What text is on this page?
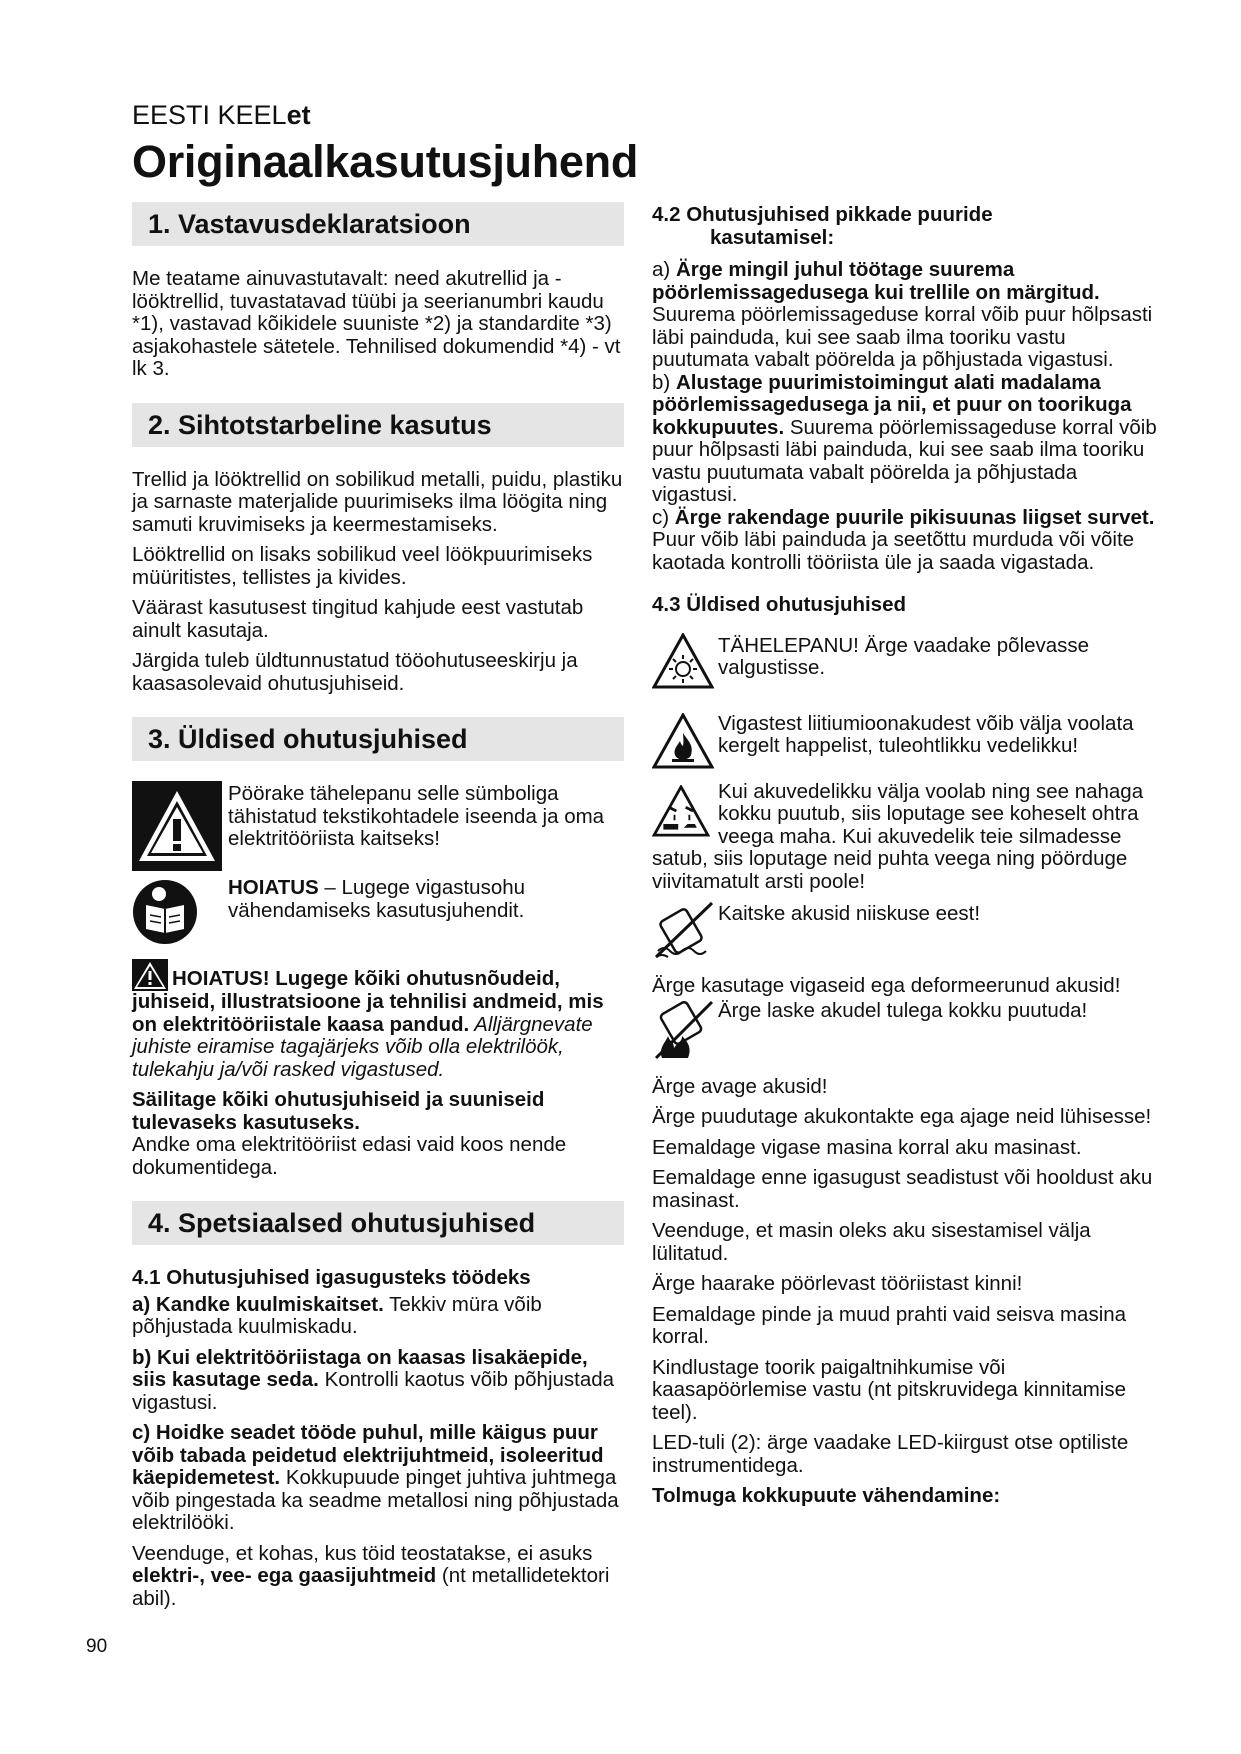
EESTI KEELet
Originaalkasutusjuhend
1. Vastavusdeklaratsioon

Me teatame ainuvastutavalt: need akutrellid ja -lööktrellid, tuvastatavad tüübi ja seerianumbri kaudu *1), vastavad kõikidele suuniste *2) ja standardite *3) asjakohastele sätetele. Tehnilised dokumendid *4) - vt lk 3.

2. Sihtotstarbeline kasutus

Trellid ja lööktrellid on sobilikud metalli, puidu, plastiku ja sarnaste materjalide puurimiseks ilma löögita ning samuti kruvimiseks ja keermestamiseks.

Lööktrellid on lisaks sobilikud veel löökpuurimiseks müüritistes, tellistes ja kivides.

Väärast kasutusest tingitud kahjude eest vastutab ainult kasutaja.

Järgida tuleb üldtunnustatud tööohutuseeskirju ja kaasasolevaid ohutusjuhiseid.

3. Üldised ohutusjuhised
Pöörake tähelepanu selle sümboliga tähistatud tekstikohtadele iseenda ja oma elektritööriista kaitseks!
HOIATUS – Lugege vigastusohu vähendamiseks kasutusjuhendit.

HOIATUS! Lugege kõiki ohutusnõudeid, juhiseid, illustratsioone ja tehnilisi andmeid, mis on elektritööriistale kaasa pandud. Alljärgnevate juhiste eiramise tagajärjeks võib olla elektrilöök, tulekahju ja/või rasked vigastused.

Säilitage kõiki ohutusjuhiseid ja suuniseid tulevaseks kasutuseks.
Andke oma elektritööriist edasi vaid koos nende dokumentidega.

4. Spetsiaalsed ohutusjuhised

4.1 Ohutusjuhised igasugusteks töödeks

a) Kandke kuulmiskaitset. Tekkiv müra võib põhjustada kuulmiskadu.

b) Kui elektritööriistaga on kaasas lisakäepide, siis kasutage seda. Kontrolli kaotus võib põhjustada vigastusi.

c) Hoidke seadet tööde puhul, mille käigus puur võib tabada peidetud elektrijuhtmeid, isoleeritud käepidemetest. Kokkupuude pinget juhtiva juhtmega võib pingestada ka seadme metallosi ning põhjustada elektrilööki.

Veenduge, et kohas, kus töid teostatakse, ei asuks elektri-, vee- ega gaasijuhtmeid (nt metallidetektori abil).

4.2 Ohutusjuhised pikkade puuride
kasutamisel:

a) Ärge mingil juhul töötage suurema pöörlemissagedusega kui trellile on märgitud. Suurema pöörlemissageduse korral võib puur hõlpsasti läbi painduda, kui see saab ilma tooriku vastu puutumata vabalt pöörelda ja põhjustada vigastusi.

b) Alustage puurimistoimingut alati madalama pöörlemissagedusega ja nii, et puur on toorikuga kokkupuutes. Suurema pöörlemissageduse korral võib puur hõlpsasti läbi painduda, kui see saab ilma tooriku vastu puutumata vabalt pöörelda ja põhjustada vigastusi.

c) Ärge rakendage puurile pikisuunas liigset survet. Puur võib läbi painduda ja seetõttu murduda või võite kaotada kontrolli tööriista üle ja saada vigastada.

4.3 Üldised ohutusjuhised

TÄHELEPANU! Ärge vaadake põlevasse valgustisse.
Vigastest liitiumioonakudest võib välja voolata kergelt happelist, tuleohtlikku vedelikku!
Kui akuvedelikku välja voolab ning see nahaga kokku puutub, siis loputage see koheselt ohtra veega maha. Kui akuvedelik teie silmadesse satub, siis loputage neid puhta veega ning pöörduge viivitamatult arsti poole!
Kaitske akusid niiskuse eest!

Ärge kasutage vigaseid ega deformeerunud akusid!

Ärge laske akudel tulega kokku puutuda!

Ärge avage akusid!

Ärge puudutage akukontakte ega ajage neid lühisesse!

Eemaldage vigase masina korral aku masinast.

Eemaldage enne igasugust seadistust või hooldust aku masinast.

Veenduge, et masin oleks aku sisestamisel välja lülitatud.

Ärge haarake pöörlevast tööriistast kinni!

Eemaldage pinde ja muud prahti vaid seisva masina korral.

Kindlustage toorik paigaltnihkumise või kaasapöörlemise vastu (nt pitskruvidega kinnitamise teel).

LED-tuli (2): ärge vaadake LED-kiirgust otse optiliste instrumentidega.

Tolmuga kokkupuute vähendamine:

90
